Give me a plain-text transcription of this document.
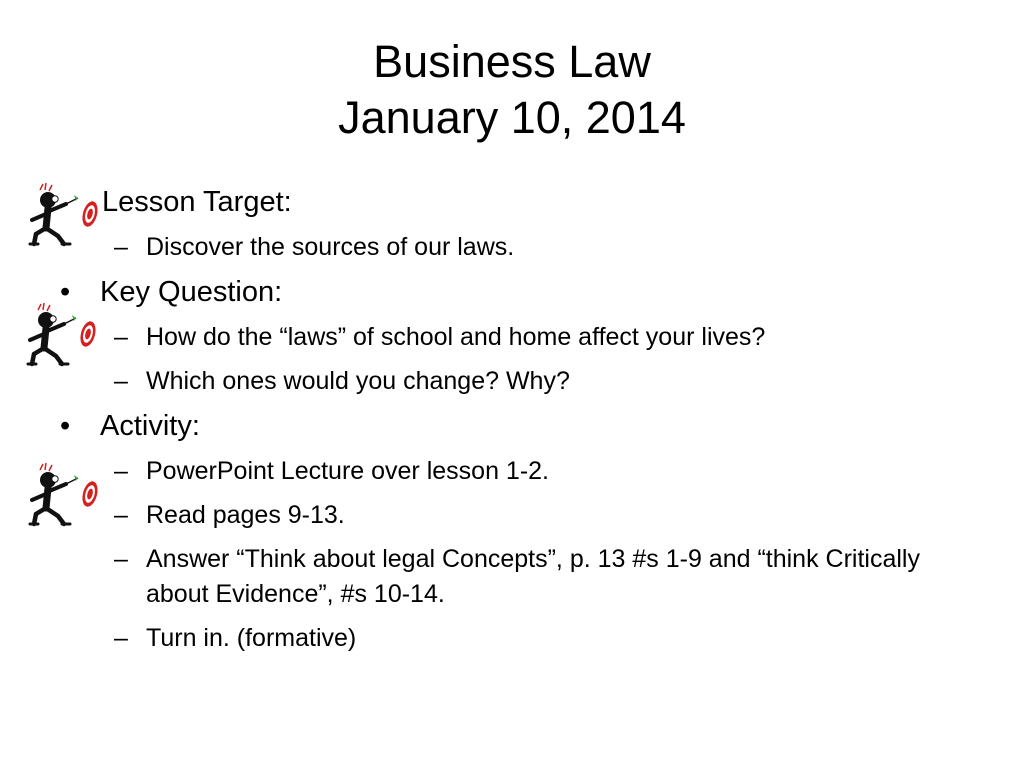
Business Law
January 10, 2014
Lesson Target:
– Discover the sources of our laws.
• Key Question:
– How do the “laws” of school and home affect your lives?
– Which ones would you change? Why?
• Activity:
– PowerPoint Lecture over lesson 1-2.
– Read pages 9-13.
– Answer “Think about legal Concepts”, p. 13 #s 1-9 and “think Critically about Evidence”, #s 10-14.
– Turn in. (formative)
